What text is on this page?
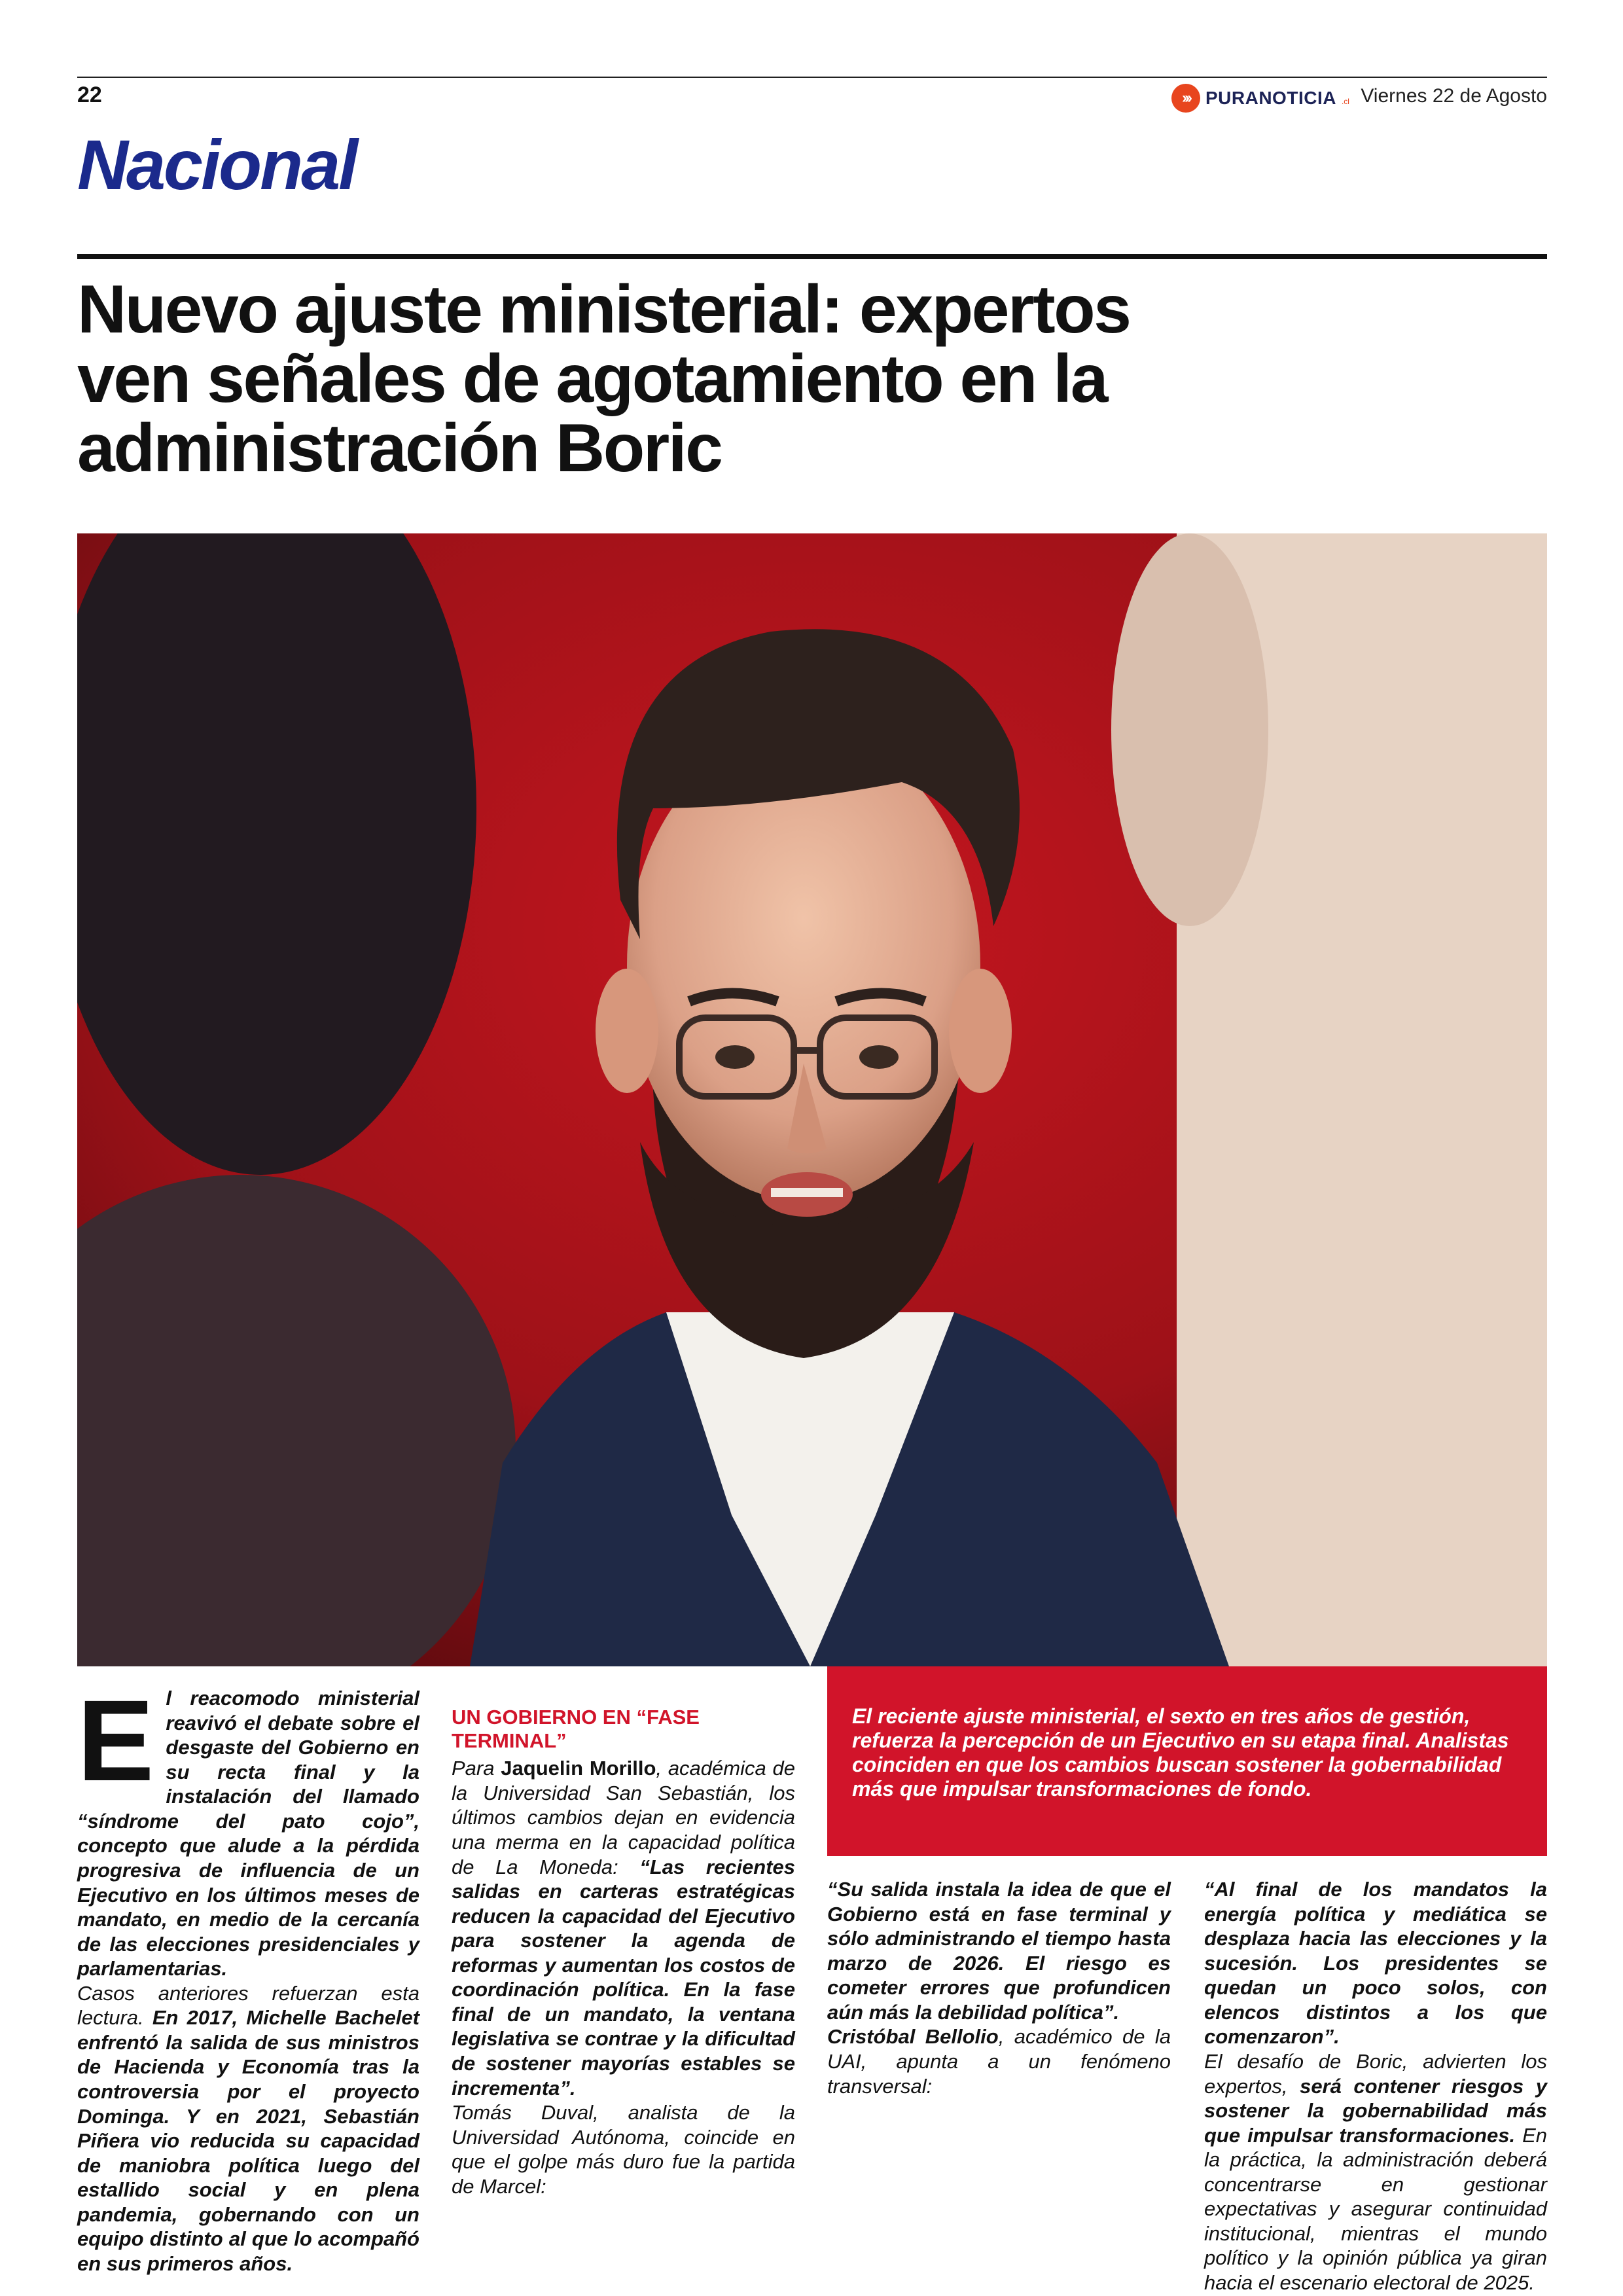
22	››› PURANOTICIA .cl Viernes 22 de Agosto
Nacional
Nuevo ajuste ministerial: expertos
ven señales de agotamiento en la
administración Boric
El reciente ajuste ministerial, el sexto en tres años de gestión, refuerza la percepción de un Ejecutivo en su etapa final. Analistas coinciden en que los cambios buscan sostener la gobernabilidad más que impulsar transformaciones de fondo.
E l reacomodo ministerial reavivó el debate sobre el desgaste del Gobierno en su recta final y la instalación del llamado “síndrome del pato cojo”, concepto que alude a la pérdida progresiva de influencia de un Ejecutivo en los últimos meses de mandato, en medio de la cercanía de las elecciones presidenciales y parlamentarias.

Casos anteriores refuerzan esta lectura. En 2017, Michelle Bachelet enfrentó la salida de sus ministros de Hacienda y Economía tras la controversia por el proyecto Dominga. Y en 2021, Sebastián Piñera vio reducida su capacidad de maniobra política luego del estallido social y en plena pandemia, gobernando con un equipo distinto al que lo acompañó en sus primeros años.

UN GOBIERNO EN “FASE TERMINAL”

Para Jaquelin Morillo, académica de la Universidad San Sebastián, los últimos cambios dejan en evidencia una merma en la capacidad política de La Moneda: “Las recientes salidas en carteras estratégicas reducen la capacidad del Ejecutivo para sostener la agenda de reformas y aumentan los costos de coordinación política. En la fase final de un mandato, la ventana legislativa se contrae y la dificultad de sostener mayorías estables se incrementa”.

Tomás Duval, analista de la Universidad Autónoma, coincide en que el golpe más duro fue la partida de Marcel:

“Su salida instala la idea de que el Gobierno está en fase terminal y sólo administrando el tiempo hasta marzo de 2026. El riesgo es cometer errores que profundicen aún más la debilidad política”.

Cristóbal Bellolio, académico de la UAI, apunta a un fenómeno transversal:

“Al final de los mandatos la energía política y mediática se desplaza hacia las elecciones y la sucesión. Los presidentes se quedan un poco solos, con elencos distintos a los que comenzaron”.

El desafío de Boric, advierten los expertos, será contener riesgos y sostener la gobernabilidad más que impulsar transformaciones. En la práctica, la administración deberá concentrarse en gestionar expectativas y asegurar continuidad institucional, mientras el mundo político y la opinión pública ya giran hacia el escenario electoral de 2025.
